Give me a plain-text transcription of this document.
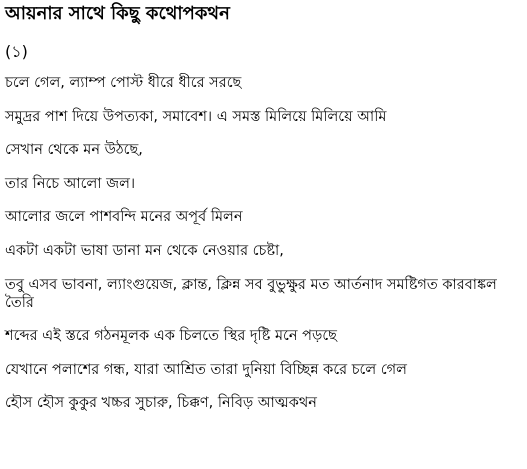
আয়নার সাথে কিছু কথোপকথন
(১)
চলে গেল, ল্যাম্প পোস্ট ধীরে ধীরে সরছে
সমুদ্রর পাশ দিয়ে উপত্যকা, সমাবেশ। এ সমস্ত মিলিয়ে মিলিয়ে আমি
সেখান থেকে মন উঠছে,
তার নিচে আলো জল।
আলোর জলে পাশবন্দি মনের অপূর্ব মিলন
একটা একটা ভাষা ডানা মন থেকে নেওয়ার চেষ্টা,
তবু এসব ভাবনা, ল্যাংগুয়েজ, ক্লান্ত, ক্লিন্ন সব বুভুক্ষুর মত আর্তনাদ সমষ্টিগত কারবাঙ্কল তৈরি
শব্দের এই স্তরে গঠনমূলক এক চিলতে স্থির দৃষ্টি মনে পড়ছে
যেখানে পলাশের গন্ধ, যারা আশ্রিত তারা দুনিয়া বিচ্ছিন্ন করে চলে গেল
হৌস হৌস কুকুর খচ্চর সুচারু, চিক্কণ, নিবিড় আত্মকথন
